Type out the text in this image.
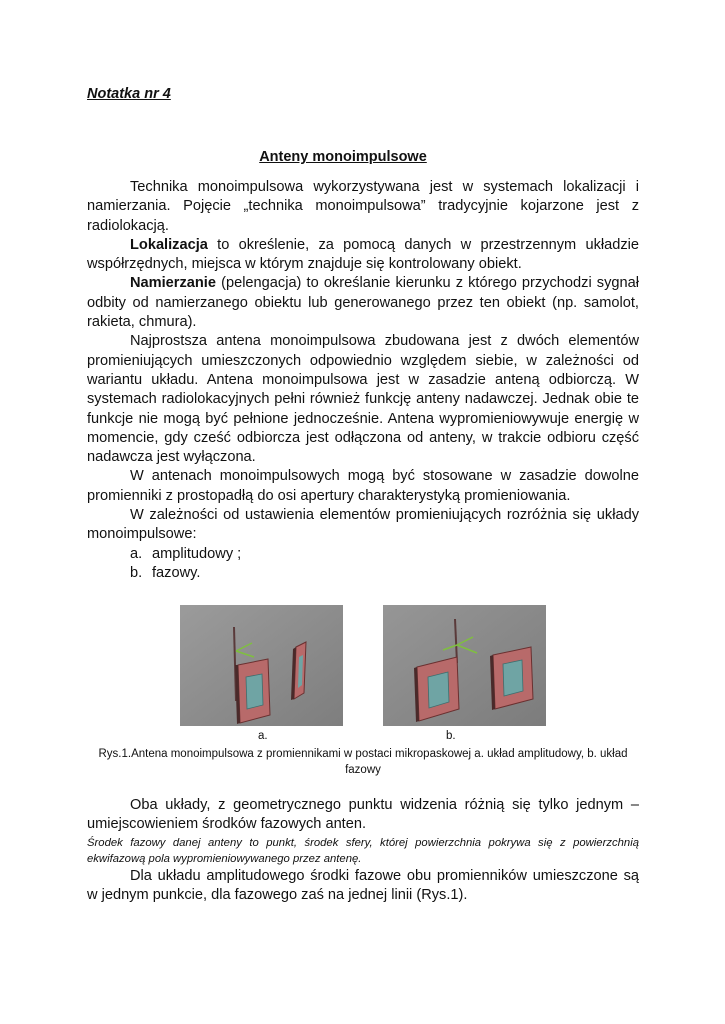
Notatka nr 4
Anteny monoimpulsowe

Technika monoimpulsowa wykorzystywana jest w systemach lokalizacji i namierzania. Pojęcie „technika monoimpulsowa” tradycyjnie kojarzone jest z radiolokacją.

Lokalizacja to określenie, za pomocą danych w przestrzennym układzie współrzędnych, miejsca w którym znajduje się kontrolowany obiekt.

Namierzanie (pelengacja) to określanie kierunku z którego przychodzi sygnał odbity od namierzanego obiektu lub generowanego przez ten obiekt (np. samolot, rakieta, chmura).

Najprostsza antena monoimpulsowa zbudowana jest z dwóch elementów promieniujących umieszczonych odpowiednio względem siebie, w zależności od wariantu układu. Antena monoimpulsowa jest w zasadzie anteną odbiorczą. W systemach radiolokacyjnych pełni również funkcję anteny nadawczej. Jednak obie te funkcje nie mogą być pełnione jednocześnie. Antena wypromieniowywuje energię w momencie, gdy cześć odbiorcza jest odłączona od anteny, w trakcie odbioru część nadawcza jest wyłączona.

W antenach monoimpulsowych mogą być stosowane w zasadzie dowolne promienniki z prostopadłą do osi apertury charakterystyką promieniowania.

W zależności od ustawienia elementów promieniujących rozróżnia się układy monoimpulsowe:

a. amplitudowy ;
b. fazowy.
a.	b.
Rys.1.Antena monoimpulsowa z promiennikami w postaci mikropaskowej a. układ amplitudowy, b. układ fazowy

Oba układy, z geometrycznego punktu widzenia różnią się tylko jednym – umiejscowieniem środków fazowych anten.

Środek fazowy danej anteny to punkt, środek sfery, której powierzchnia pokrywa się z powierzchnią ekwifazową pola wypromieniowywanego przez antenę.

Dla układu amplitudowego środki fazowe obu promienników umieszczone są w jednym punkcie, dla fazowego zaś na jednej linii (Rys.1).
